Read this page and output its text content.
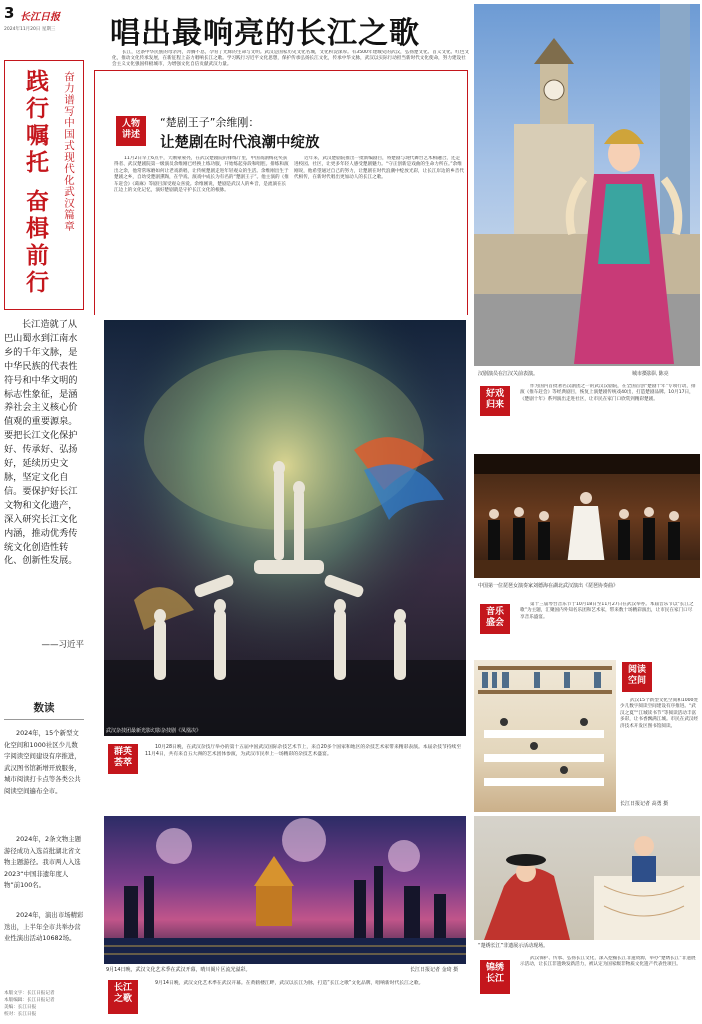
3 长江日报
2024年11月20日 星期三 唱出最响亮的长江之歌
长江，这条中华民族的母亲河，奔腾不息，孕育了光辉的生命与文明。武汉是国家历史文化名城，文化积淀深厚。有3500年建城史的武汉，弘扬楚文化、首义文化、红色文化，推动文化传承发展，在新征程上奋力唱响长江之歌。学习践行习近平文化思想，保护传承弘扬长江文化，传承中华文脉，武汉以实际行动担当新时代文化使命，努力建设社会主义文化强国样板城市，为增强文化自信贡献武汉力量。
践行嘱托 奋楫前行	奋力谱写中国式现代化武汉篇章
长江造就了从巴山蜀水到江南水乡的千年文脉，是中华民族的代表性符号和中华文明的标志性象征，是涵养社会主义核心价值观的重要源泉。要把长江文化保护好、传承好、弘扬好，延续历史文脉，坚定文化自信。要保护好长江文物和文化遗产，深入研究长江文化内涵，推动优秀传统文化创造性转化、创新性发展。
——习近平
数读
2024年，15个新型文化空间和1000社区少儿数字阅读空间建设有序推进，武汉图书馆新增开放服务，城市阅读打卡点等各类公共阅读空间遍布全市。
2024年，2条文物主题游径成功入选首批湖北省文物主题游径。我市两人入选2023“中国非遗年度人物”前100名。
2024年，演出市场精彩迭出，上半年全市共举办营业性演出活动10682场。
本版文字：长江日报记者
本版编辑：长江日报记者
美编：长江日报
校对：长江日报
人物讲述
“楚剧王子”余维刚：
让楚剧在时代浪潮中绽放
11月2日早上6点半，天刚蒙蒙亮，在武汉楚剧院的排练厅里，中国戏剧梅花奖获得者、武汉楚剧院第一级演员余维刚已经换上练功服，开始练起身段和唱腔。排练和演出之余，他常常琢磨如何让老戏新唱，让传统楚剧走进年轻观众的生活。余维刚出生于楚剧之乡，自幼受楚剧熏陶，在学戏、演戏中成长为有名的“楚剧王子”。他主演的《推车赶会》《葛麻》等剧目深受观众喜爱。余维刚说，楚剧是武汉人的乡音，是流淌在长江边上的文化记忆，演好楚剧就是守护长江文化的根脉。
近年来，武汉楚剧院推出一批新编剧目，将楚剧与现代舞台艺术相融合，还走进校园、社区，让更多年轻人感受楚剧魅力。“守正创新是戏曲的生命力所在。”余维刚说，他希望通过自己的努力，让楚剧在时代浪潮中绽放光彩，让长江岸边的乡音代代相传，在新时代唱出更加动人的长江之歌。
武汉杂技团最新光影幻影杂技剧《凤凰决》
群英荟萃
10月28日晚，在武汉杂技厅举办的第十五届中国武汉国际杂技艺术节上，来自20多个国家和地区的杂技艺术家带来精彩表演。本届杂技节持续至11月4日，共有来自五大洲的艺术团体参演，为武汉市民奉上一场精彩的杂技艺术盛宴。
9月14日晚，武汉文化艺术季在武汉开幕，晴川阁片区流光溢彩。	长江日报记者 金琦 摄
长江之歌
9月14日晚，武汉文化艺术季在武汉开幕。在黄鹤楼江畔，武汉以长江为脉，打造“长江之歌”文化品牌，唱响新时代长江之歌。
汉剧演员在江汉关前表演。	城市摄影队 陈亮
好戏归来
作为国内首批著名汉剧团之一的武汉汉剧院，在全国首创“楚剧十年”专项行动，排演《推车赶会》等经典剧目，恢复上演楚剧传统戏40出，打造楚剧品牌。10月17日，《楚剧十年》系列演出走进社区，让市民在家门口欣赏到精彩楚剧。
中国第一位琵琶女演奏家刘德海在湖北武汉演出《琵琶协奏曲》
音乐盛会
第十三届琴台音乐节于10月18日至11月27日在武汉举办。本届音乐节以“长江之歌”为主题，汇聚国内外知名乐团和艺术家，带来数十场精彩演出，让市民在家门口尽享音乐盛宴。
阅读空间
武汉15个新型文化空间和1000处少儿数字阅读空间建设有序推进。“武汉之夏”“江城读书节”等阅读活动丰富多彩，让书香飘满江城。市民在武汉经济技术开发区图书馆阅读。
长江日报记者 高勇 摄
“楚绣长江”非遗展示活动现场。
锦绣长江
武汉保护、传承、弘扬长江文化，深入挖掘长江非遗资源，举办“楚绣长江”非遗展示活动，让长江非遗焕发新活力，被认定为国家级非物质文化遗产代表性项目。
